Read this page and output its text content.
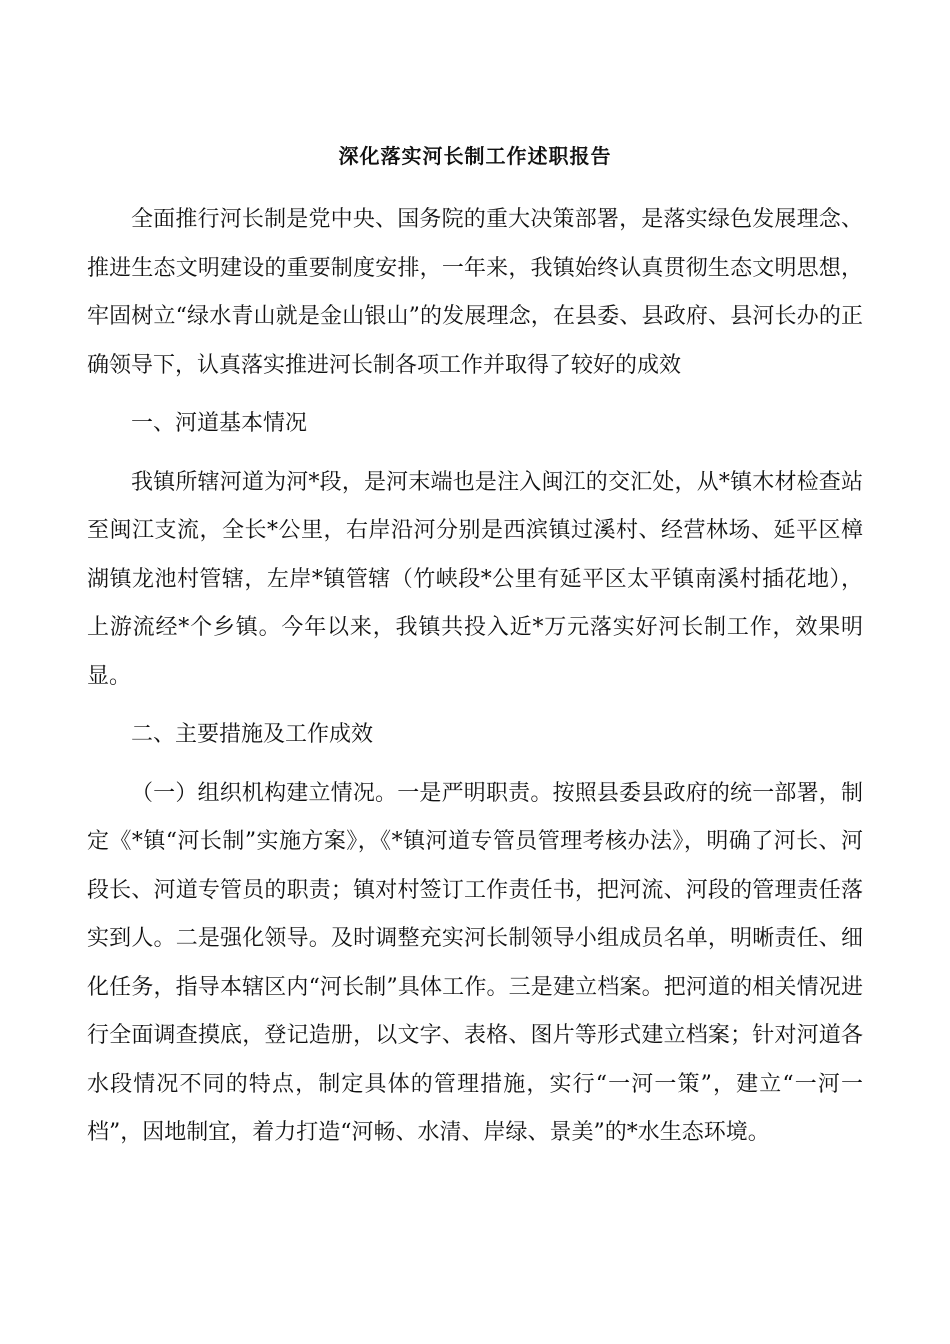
深化落实河长制工作述职报告

全面推行河长制是党中央、国务院的重大决策部署，是落实绿色发展理念、推进生态文明建设的重要制度安排，一年来，我镇始终认真贯彻生态文明思想，牢固树立“绿水青山就是金山银山”的发展理念，在县委、县政府、县河长办的正确领导下，认真落实推进河长制各项工作并取得了较好的成效

一、河道基本情况

我镇所辖河道为河*段，是河末端也是注入闽江的交汇处，从*镇木材检查站至闽江支流，全长*公里，右岸沿河分别是西滨镇过溪村、经营林场、延平区樟湖镇龙池村管辖，左岸*镇管辖（竹峡段*公里有延平区太平镇南溪村插花地），上游流经*个乡镇。今年以来，我镇共投入近*万元落实好河长制工作，效果明显。

二、主要措施及工作成效

（一）组织机构建立情况。一是严明职责。按照县委县政府的统一部署，制定《*镇“河长制”实施方案》，《*镇河道专管员管理考核办法》，明确了河长、河段长、河道专管员的职责；镇对村签订工作责任书，把河流、河段的管理责任落实到人。二是强化领导。及时调整充实河长制领导小组成员名单，明晰责任、细化任务，指导本辖区内“河长制”具体工作。三是建立档案。把河道的相关情况进行全面调查摸底，登记造册，以文字、表格、图片等形式建立档案；针对河道各水段情况不同的特点，制定具体的管理措施，实行“一河一策”，建立“一河一档”，因地制宜，着力打造“河畅、水清、岸绿、景美”的*水生态环境。
